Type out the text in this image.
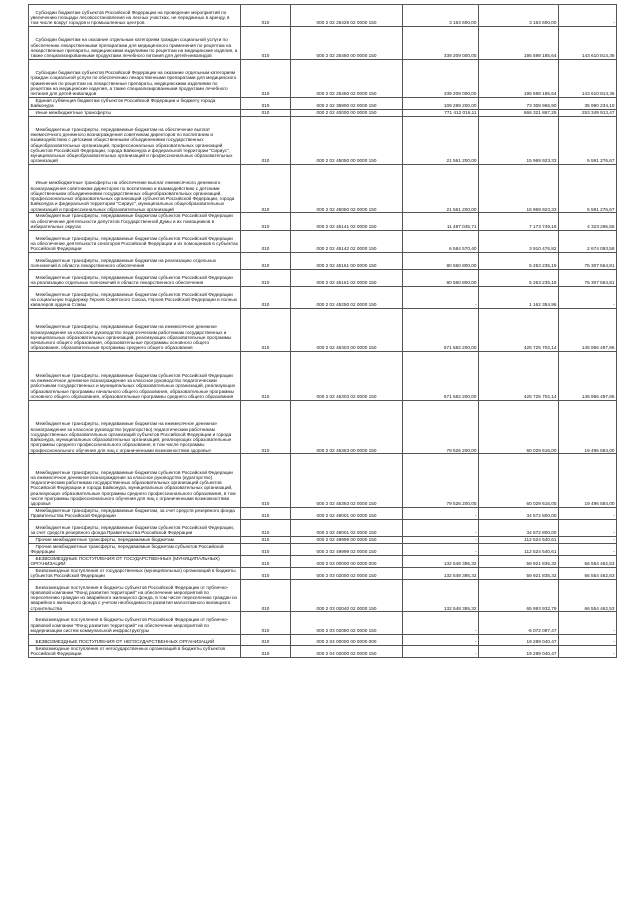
Субсидии бюджетам субъектов Российской Федерации на проведение мероприятий по увеличению площади лесовосстановления на лесных участках, не переданных в аренду, в том числе вокруг городов и промышленных центров	010	000 2 02 25429 02 0000 150	3 163 600,00	3 163 600,00	-
Субсидии бюджетам на оказание отдельным категориям граждан социальной услуги по обеспечению лекарственными препаратами для медицинского применения по рецептам на лекарственные препараты, медицинскими изделиями по рецептам на медицинские изделия, а также специализированными продуктами лечебного питания для детей-инвалидов	010	000 2 02 25460 00 0000 150	339 209 000,00	195 598 185,64	143 610 814,36
Субсидии бюджетам субъектов Российской Федерации на оказание отдельным категориям граждан социальной услуги по обеспечению лекарственными препаратами для медицинского применения по рецептам на лекарственные препараты, медицинскими изделиями по рецептам на медицинские изделия, а также специализированными продуктами лечебного питания для детей-инвалидов	010	000 2 02 25460 02 0000 150	339 209 000,00	195 598 185,64	143 610 814,36
Единая субвенция бюджетам субъектов Российской Федерации и бюджету города Байконура	010	000 2 02 35900 02 0000 150	109 299 200,00	73 308 965,90	35 990 234,10
Иные межбюджетные трансферты	010	000 2 02 40000 00 0000 150	771 412 016,11	666 321 867,25	253 349 913,47
Межбюджетные трансферты, передаваемые бюджетам на обеспечение выплат ежемесячного денежного вознаграждения советникам директоров по воспитанию и взаимодействию с детскими общественными объединениями государственных общеобразовательных организаций, профессиональных образовательных организаций субъектов Российской Федерации, города Байконура и федеральной территории "Сириус", муниципальных общеобразовательных организаций и профессиональных образовательных организаций	010	000 2 02 45050 00 0000 150	21 561 200,00	15 969 923,33	5 591 276,67
Иные межбюджетные трансферты на обеспечение выплат ежемесячного денежного вознаграждения советникам директоров по воспитанию и взаимодействию с детскими общественными объединениями государственных общеобразовательных организаций, профессиональных образовательных организаций субъектов Российской Федерации, города Байконура и федеральной территории "Сириус", муниципальных общеобразовательных организаций и профессиональных образовательных организаций	010	000 2 02 45050 02 0000 150	21 561 200,00	15 969 923,33	5 591 276,67
Межбюджетные трансферты, передаваемые бюджетам субъектов Российской Федерации на обеспечение деятельности депутатов Государственной Думы и их помощников в избирательных округах	010	000 2 02 45141 02 0000 150	11 487 045,71	7 173 749,16	4 323 296,55
Межбюджетные трансферты, передаваемые бюджетам субъектов Российской Федерации на обеспечение деятельности сенаторов Российской Федерации и их помощников в субъектах Российской Федерации	010	000 2 02 45142 02 0000 150	6 584 570,40	3 910 476,82	2 674 093,58
Межбюджетные трансферты, передаваемые бюджетам на реализацию отдельных полномочий в области лекарственного обеспечения	010	000 2 02 45161 00 0000 150	80 560 800,00	5 253 235,19	75 307 564,81
Межбюджетные трансферты, передаваемые бюджетам субъектов Российской Федерации на реализацию отдельных полномочий в области лекарственного обеспечения	010	000 2 02 45161 02 0000 150	80 560 800,00	5 253 235,19	75 307 564,81
Межбюджетные трансферты, передаваемые бюджетам субъектов Российской Федерации на социальную поддержку Героев Советского Союза, Героев Российской Федерации и полных кавалеров ордена Славы	010	000 2 02 45250 02 0000 150	-	1 162 354,96	-
Межбюджетные трансферты, передаваемые бюджетам на ежемесячное денежное вознаграждение за классное руководство педагогическим работникам государственных и муниципальных образовательных организаций, реализующих образовательные программы начального общего образования, образовательные программы основного общего образования, образовательные программы среднего общего образования	010	000 2 02 45303 00 0000 150	571 682 200,00	425 725 702,14	145 956 497,86
Межбюджетные трансферты, передаваемые бюджетам субъектов Российской Федерации на ежемесячное денежное вознаграждение за классное руководство педагогическим работникам государственных и муниципальных образовательных организаций, реализующих образовательные программы начального общего образования, образовательные программы основного общего образования, образовательные программы среднего общего образования	010	000 2 02 45303 02 0000 150	571 682 200,00	425 725 702,14	145 956 497,86
Межбюджетные трансферты, передаваемые бюджетам на ежемесячное денежное вознаграждение за классное руководство (кураторство) педагогическим работникам государственных образовательных организаций субъектов Российской Федерации и города Байконура, муниципальных образовательных организаций, реализующих образовательные программы среднего профессионального образования, в том числе программы профессионального обучения для лиц с ограниченными возможностями здоровья	010	000 2 02 45363 00 0000 150	79 526 200,00	60 029 616,00	19 496 584,00
Межбюджетные трансферты, передаваемые бюджетам субъектов Российской Федерации на ежемесячное денежное вознаграждение за классное руководство (кураторство) педагогическим работникам государственных образовательных организаций субъектов Российской Федерации и города Байконура, муниципальных образовательных организаций, реализующих образовательные программы среднего профессионального образования, в том числе программы профессионального обучения для лиц с ограниченными возможностями здоровья	010	000 2 02 45363 02 0000 150	79 526 200,00	60 029 616,00	19 496 584,00
Межбюджетные трансферты, передаваемые бюджетам, за счет средств резервного фонда Правительства Российской Федерации	010	000 2 02 49001 00 0000 150	-	34 572 800,00	-
Межбюджетные трансферты, передаваемые бюджетам субъектов Российской Федерации, за счет средств резервного фонда Правительства Российской Федерации	010	000 2 02 49001 02 0000 150	-	34 572 800,00	-
Прочие межбюджетные трансферты, передаваемые бюджетам	010	000 2 02 49999 00 0000 150	-	112 524 540,61	-
Прочие межбюджетные трансферты, передаваемые бюджетам субъектов Российской Федерации	010	000 2 02 49999 02 0000 150	-	112 524 540,61	-
БЕЗВОЗМЕЗДНЫЕ ПОСТУПЛЕНИЯ ОТ ГОСУДАРСТВЕННЫХ (МУНИЦИПАЛЬНЫХ) ОРГАНИЗАЦИЙ	010	000 2 03 00000 00 0000 000	132 548 395,32	59 921 835,32	66 554 462,53
Безвозмездные поступления от государственных (муниципальных) организаций в бюджеты субъектов Российской Федерации	010	000 2 03 02000 02 0000 150	132 548 395,32	59 921 835,32	66 554 462,53
Безвозмездные поступления в бюджеты субъектов Российской Федерации от публично-правовой компании "Фонд развития территорий" на обеспечение мероприятий по переселению граждан из аварийного жилищного фонда, в том числе переселению граждан из аварийного жилищного фонда с учетом необходимости развития малоэтажного жилищного строительства	010	000 2 03 02040 02 0000 150	132 548 395,32	65 993 932,79	66 554 462,53
Безвозмездные поступления в бюджеты субъектов Российской Федерации от публично-правовой компании "Фонд развития территорий" на обеспечение мероприятий по модернизации систем коммунальной инфраструктуры	010	000 2 03 02080 02 0000 150	-	-6 072 097,47	-
БЕЗВОЗМЕЗДНЫЕ ПОСТУПЛЕНИЯ ОТ НЕГОСУДАРСТВЕННЫХ ОРГАНИЗАЦИЙ	010	000 2 04 00000 00 0000 000	-	19 289 040,47	-
Безвозмездные поступления от негосударственных организаций в бюджеты субъектов Российской Федерации	010	000 2 04 02000 02 0000 150	-	19 289 040,47	-
